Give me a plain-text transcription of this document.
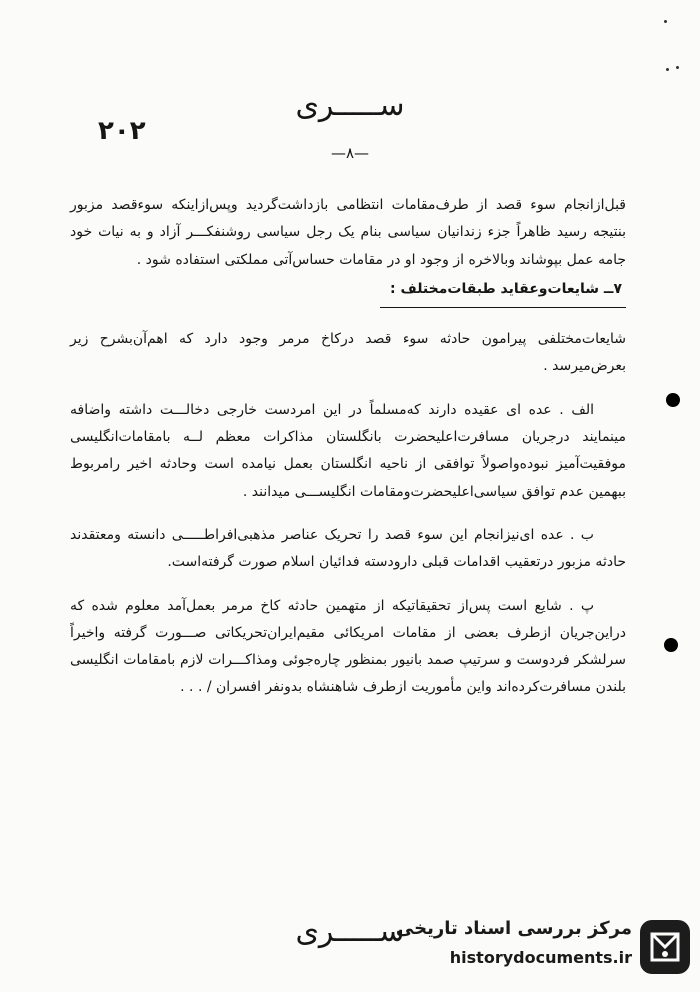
ســـــری
۲۰۲
—۸—

قبل‌از‌انجام سوء قصد از طرف‌مقامات انتظامی بازداشت‌گردید و‌پس‌از‌اینکه سوء‌قصد مزبور بنتیجه رسید ظاهراً جزء زندانیان سیاسی بنام یک رجل سیاسی روشنفکـــر آزاد و به نیات خود جامه عمل بپوشاند و‌بالاخره از وجود او در مقامات حساس‌آتی مملکتی استفاده شود .

۷ــ شایعات‌وعقاید طبقات‌مختلف :

شایعات‌مختلفی پیرامون حادثه سوء قصد درکاخ مرمر وجود دارد که اهم‌آن‌بشرح زیر بعرض‌میرسد .

الف . عده ای عقیده دارند که‌مسلماً در این امر‌دست خارجی دخالـــت داشته واضافه مینمایند درجریان مسافرت‌اعلیحضرت بانگلستان مذاکرات معظم لــه بامقامات‌انگلیسی موفقیت‌آمیز نبوده‌واصولاً توافقی از ناحیه انگلستان بعمل نیامده است وحادثه اخیر را‌مربوط ببهمین عدم توافق سیاسی‌اعلیحضرت‌ومقامات انگلیســـی میدانند .

ب . عده ای‌نیز‌انجام این سوء قصد را تحریک عناصر مذهبی‌افراطـــــی دانسته ومعتقدند حادثه مزبور درتعقیب اقدامات قبلی دار‌ودسته فدائیان اسلام صورت گرفته‌است.

پ . شایع است پس‌از تحقیقاتیکه از متهمین حادثه کاخ مرمر بعمل‌آمد معلوم شده که در‌این‌جریان از‌طرف بعضی از مقامات امریکائی مقیم‌ایران‌تحریکاتی صـــورت گرفته واخیراً سرلشکر فردوست و سرتیپ صمد بانیور بمنظور چاره‌جوئی ومذاکـــرات لازم بامقامات انگلیسی بلندن مسافرت‌کرده‌اند واین مأموریت از‌طرف شاهنشاه بدو‌نفر افسران / . . .

ســـــری
مرکز بررسی اسناد تاریخی
historydocuments.ir
